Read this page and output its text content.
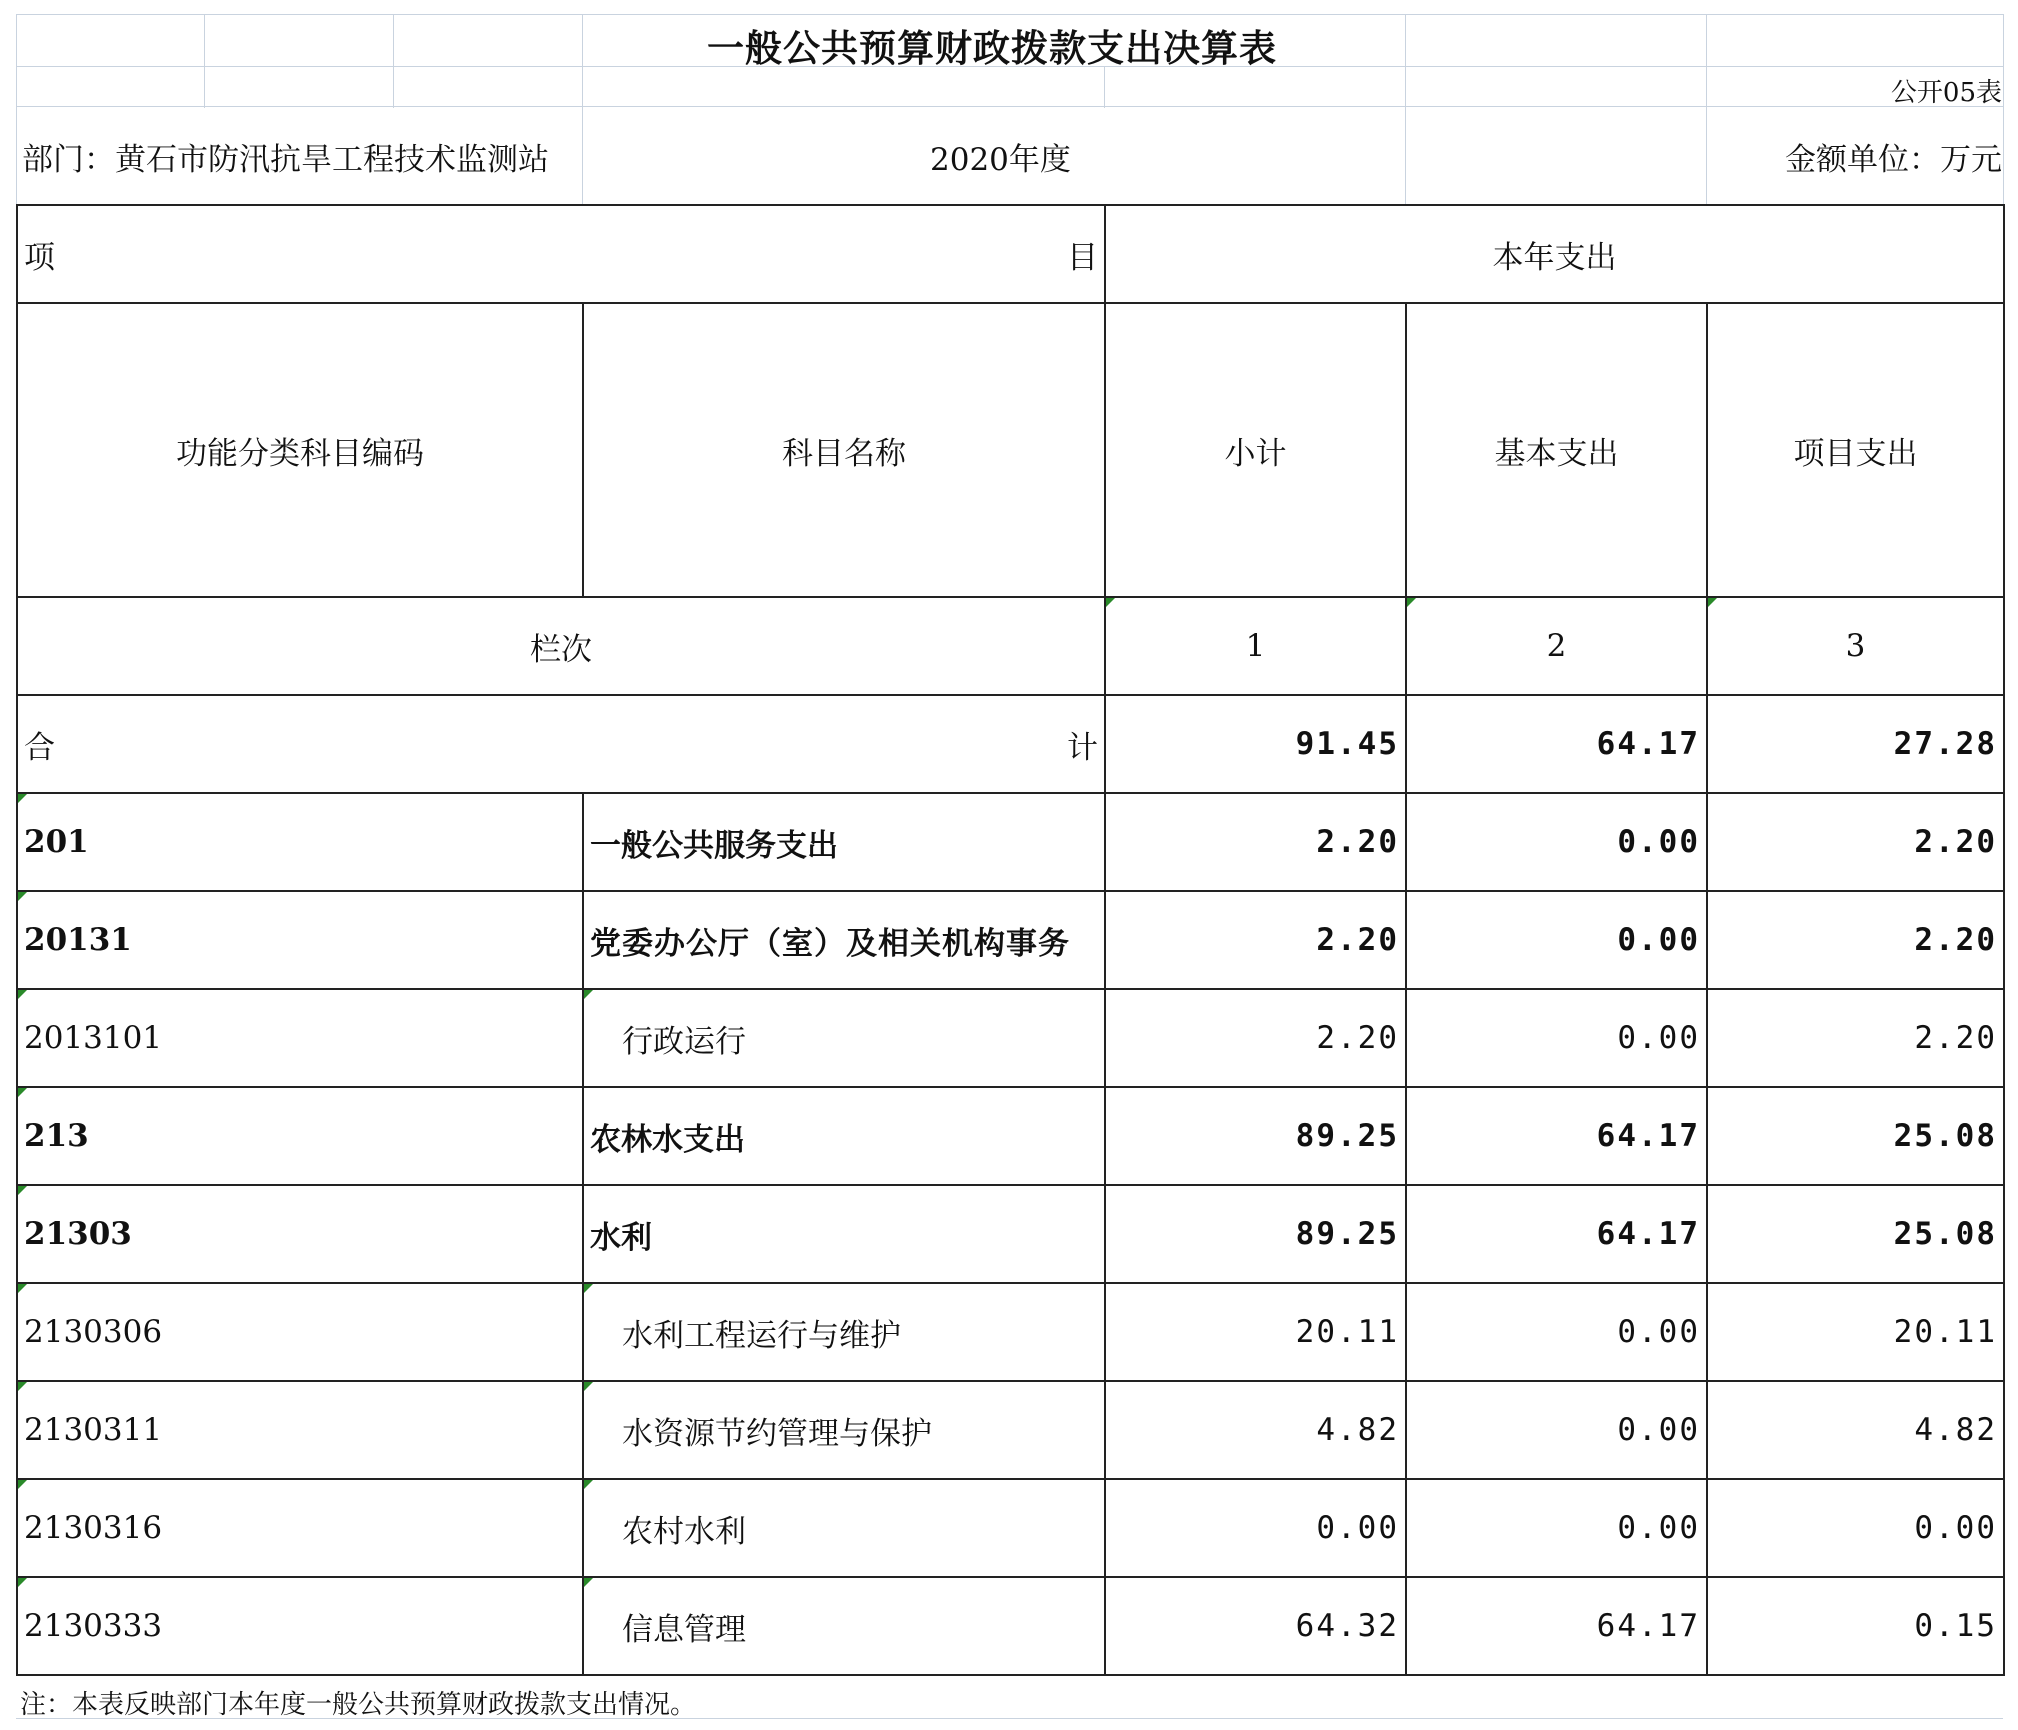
一般公共预算财政拨款支出决算表
公开05表
部门：黄石市防汛抗旱工程技术监测站	2020年度	金额单位：万元
项 目		本年支出		
功能分类科目编码	科目名称	小计	基本支出	项目支出
栏次		1	2	3

合 计		91.45	64.17	27.28
201	一般公共服务支出	2.20	0.00	2.20
20131	党委办公厅（室）及相关机构事务	2.20	0.00	2.20
2013101	行政运行	2.20	0.00	2.20
213	农林水支出	89.25	64.17	25.08
21303	水利	89.25	64.17	25.08
2130306	水利工程运行与维护	20.11	0.00	20.11
2130311	水资源节约管理与保护	4.82	0.00	4.82
2130316	农村水利	0.00	0.00	0.00
2130333	信息管理	64.32	64.17	0.15
注：本表反映部门本年度一般公共预算财政拨款支出情况。
